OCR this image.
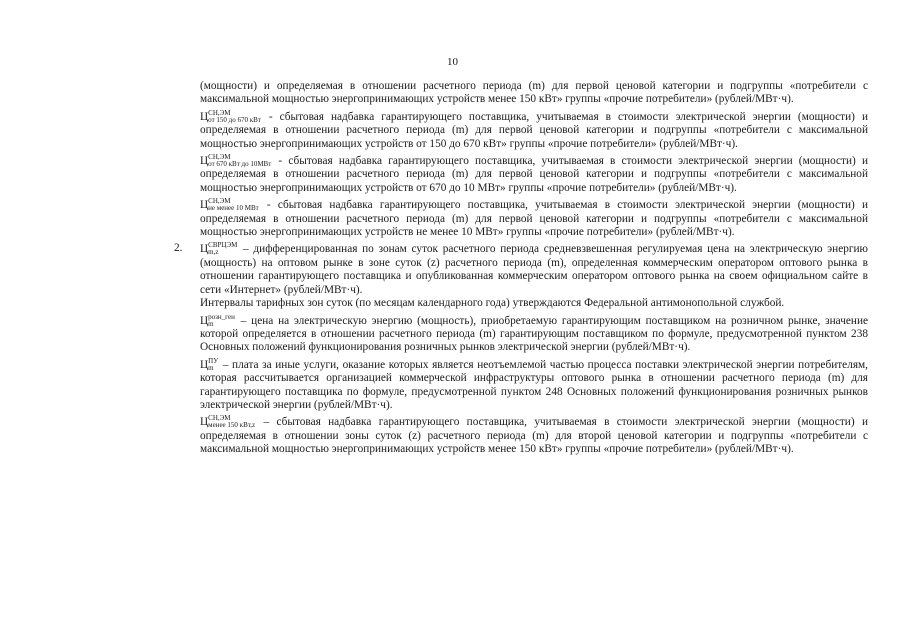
10

(мощности) и определяемая в отношении расчетного периода (m) для первой ценовой категории и подгруппы «потребители с максимальной мощностью энергопринимающих устройств менее 150 кВт» группы «прочие потребители» (рублей/МВт·ч).

Ц СН,ЭМ
от 150 до 670 кВт - сбытовая надбавка гарантирующего поставщика, учитываемая в стоимости электрической энергии (мощности) и определяемая в отношении расчетного периода (m) для первой ценовой категории и подгруппы «потребители с максимальной мощностью энергопринимающих устройств от 150 до 670 кВт» группы «прочие потребители» (рублей/МВт·ч).

Ц СН,ЭМ
от 670 кВт до 10МВт - сбытовая надбавка гарантирующего поставщика, учитываемая в стоимости электрической энергии (мощности) и определяемая в отношении расчетного периода (m) для первой ценовой категории и подгруппы «потребители с максимальной мощностью энергопринимающих устройств от 670 до 10 МВт» группы «прочие потребители» (рублей/МВт·ч).

Ц СН,ЭМ
не менее 10 МВт - сбытовая надбавка гарантирующего поставщика, учитываемая в стоимости электрической энергии (мощности) и определяемая в отношении расчетного периода (m) для первой ценовой категории и подгруппы «потребители с максимальной мощностью энергопринимающих устройств не менее 10 МВт» группы «прочие потребители» (рублей/МВт·ч).

2. Ц СВРЦЭМ
m,z	– дифференцированная по зонам суток расчетного периода средневзвешенная регулируемая цена на электрическую энергию (мощность) на оптовом рынке в зоне суток (z) расчетного периода (m), определенная коммерческим оператором оптового рынка в отношении гарантирующего поставщика и опубликованная коммерческим оператором оптового рынка на своем официальном сайте в сети «Интернет» (рублей/МВт·ч).

Интервалы тарифных зон суток (по месяцам календарного года) утверждаются Федеральной антимонопольной службой.

Ц розн_ген
m	– цена на электрическую энергию (мощность), приобретаемую гарантирующим поставщиком на розничном рынке, значение которой определяется в отношении расчетного периода (m) гарантирующим поставщиком по формуле, предусмотренной пунктом 238 Основных положений функционирования розничных рынков электрической энергии (рублей/МВт·ч).

Ц ПУ
m – плата за иные услуги, оказание которых является неотъемлемой частью процесса поставки электрической энергии потребителям, которая рассчитывается организацией коммерческой инфраструктуры оптового рынка в отношении расчетного периода (m) для гарантирующего поставщика по формуле, предусмотренной пунктом 248 Основных положений функционирования розничных рынков электрической энергии (рублей/МВт·ч).

Ц СН,ЭМ
менее 150 кВт,z – сбытовая надбавка гарантирующего поставщика, учитываемая в стоимости электрической энергии (мощности) и определяемая в отношении зоны суток (z) расчетного периода (m) для второй ценовой категории и подгруппы «потребители с максимальной мощностью энергопринимающих устройств менее 150 кВт» группы «прочие потребители» (рублей/МВт·ч).
